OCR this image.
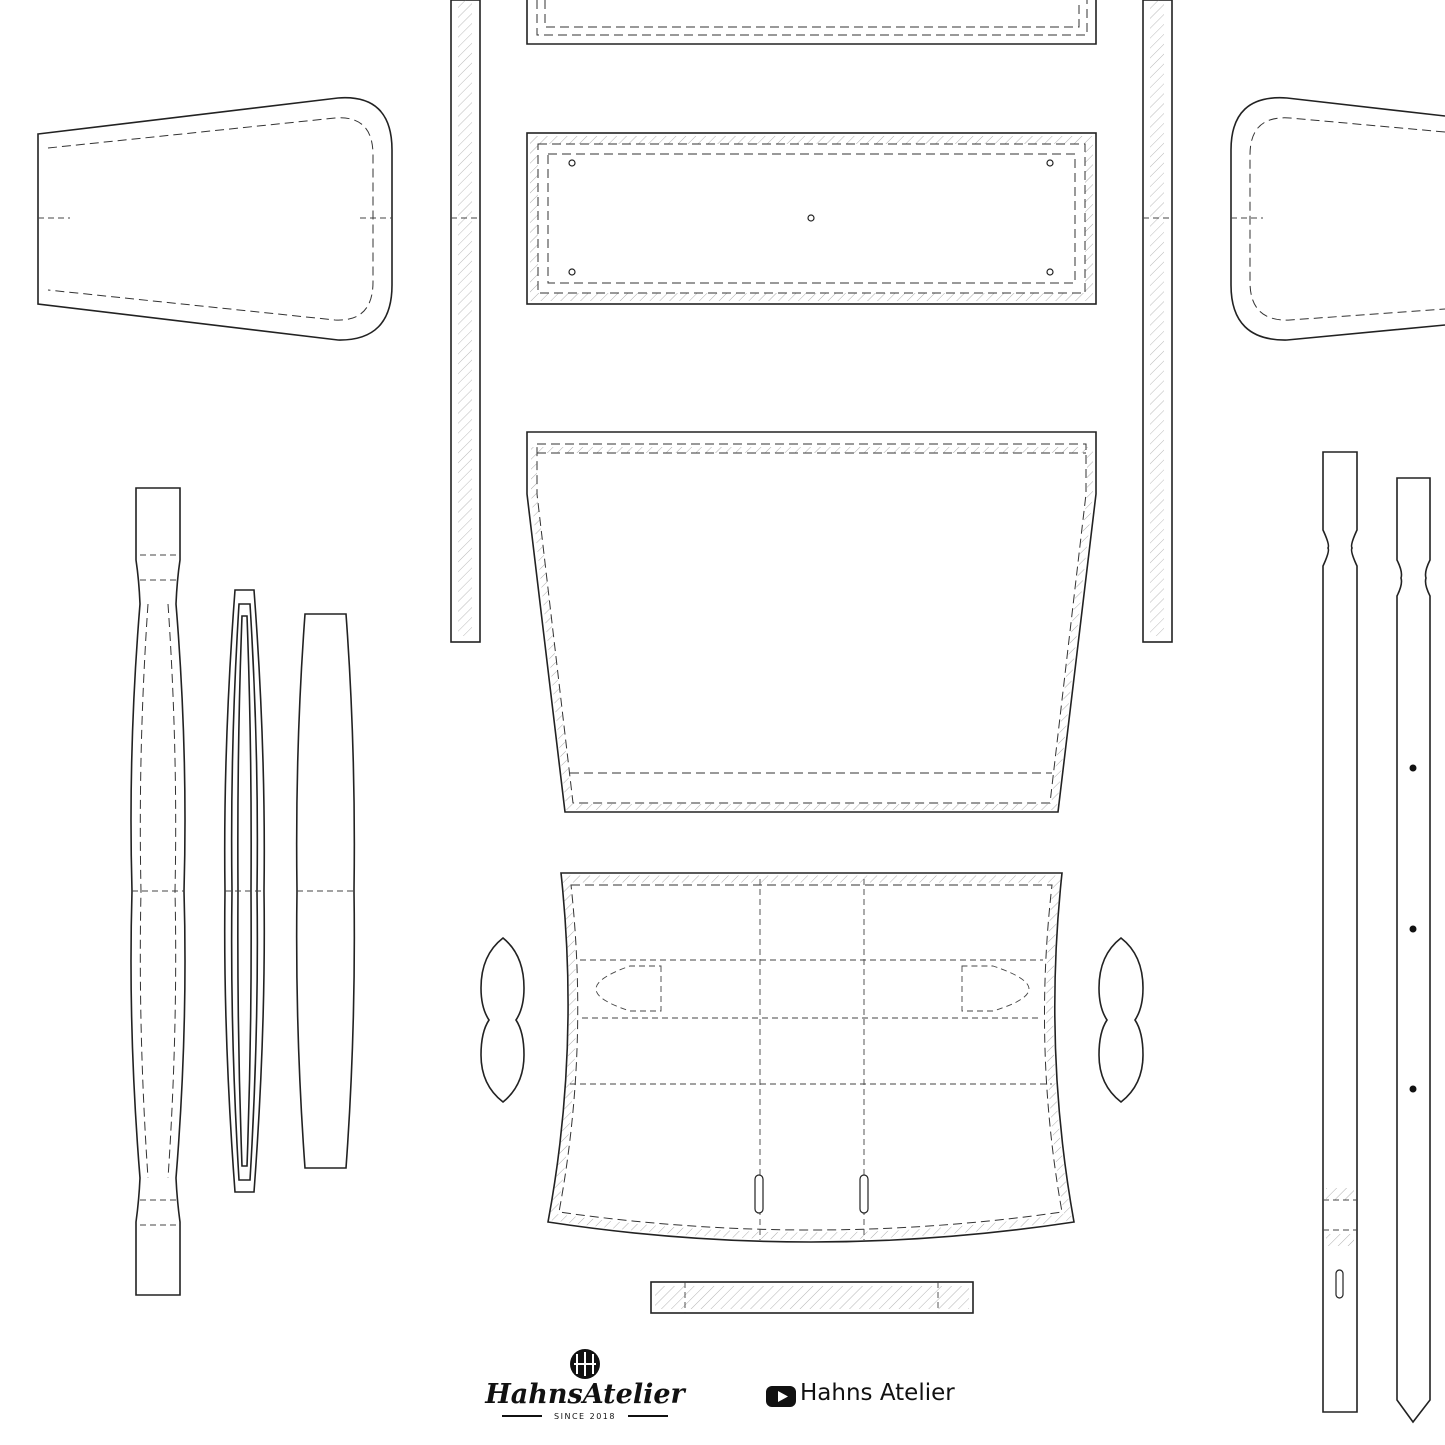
HahnsAtelier
SINCE 2018
Hahns Atelier
